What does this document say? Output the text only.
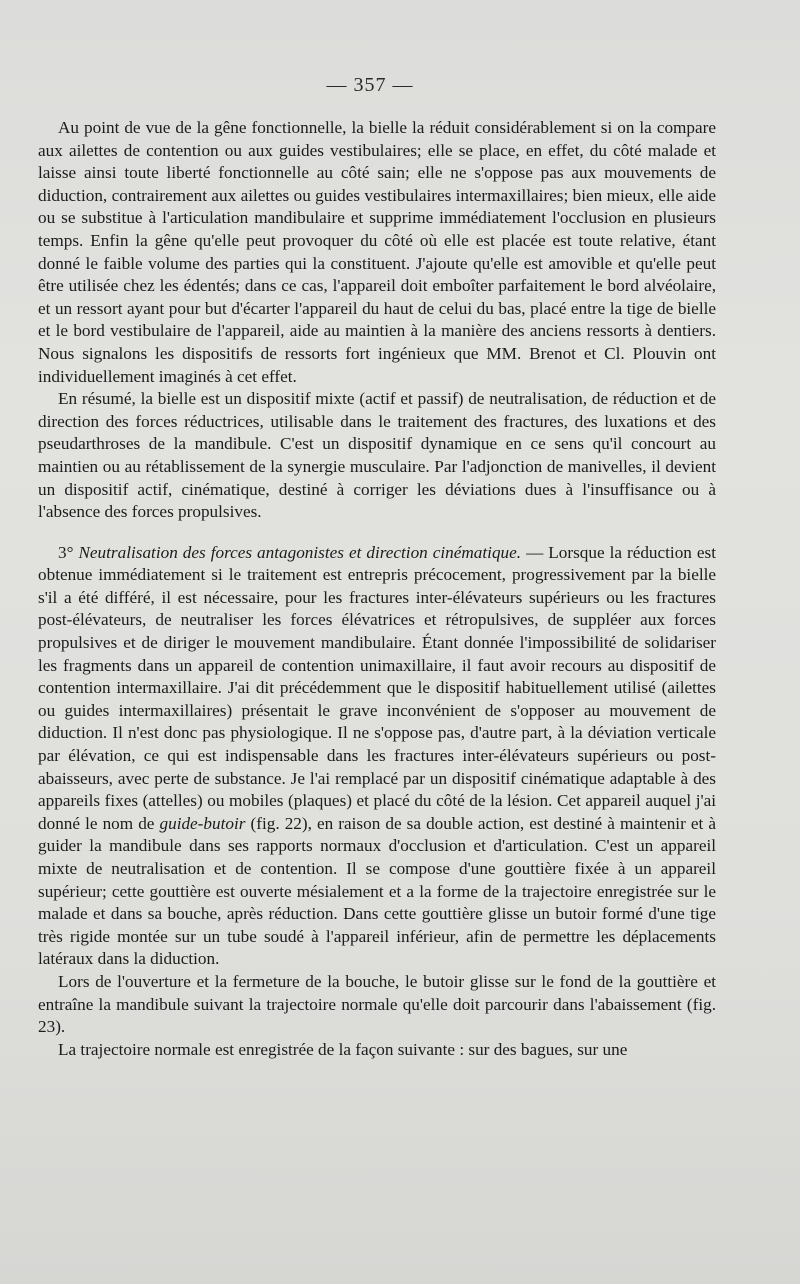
— 357 —

Au point de vue de la gêne fonctionnelle, la bielle la réduit considérablement si on la compare aux ailettes de contention ou aux guides vestibulaires; elle se place, en effet, du côté malade et laisse ainsi toute liberté fonctionnelle au côté sain; elle ne s'oppose pas aux mouvements de diduction, contrairement aux ailettes ou guides vestibulaires intermaxillaires; bien mieux, elle aide ou se substitue à l'articulation mandibulaire et supprime immédiatement l'occlusion en plusieurs temps. Enfin la gêne qu'elle peut provoquer du côté où elle est placée est toute relative, étant donné le faible volume des parties qui la constituent. J'ajoute qu'elle est amovible et qu'elle peut être utilisée chez les édentés; dans ce cas, l'appareil doit emboîter parfaitement le bord alvéolaire, et un ressort ayant pour but d'écarter l'appareil du haut de celui du bas, placé entre la tige de bielle et le bord vestibulaire de l'appareil, aide au maintien à la manière des anciens ressorts à dentiers. Nous signalons les dispositifs de ressorts fort ingénieux que MM. Brenot et Cl. Plouvin ont individuellement imaginés à cet effet.

En résumé, la bielle est un dispositif mixte (actif et passif) de neutralisation, de réduction et de direction des forces réductrices, utilisable dans le traitement des fractures, des luxations et des pseudarthroses de la mandibule. C'est un dispositif dynamique en ce sens qu'il concourt au maintien ou au rétablissement de la synergie musculaire. Par l'adjonction de manivelles, il devient un dispositif actif, cinématique, destiné à corriger les déviations dues à l'insuffisance ou à l'absence des forces propulsives.

3° Neutralisation des forces antagonistes et direction cinématique. — Lorsque la réduction est obtenue immédiatement si le traitement est entrepris précocement, progressivement par la bielle s'il a été différé, il est nécessaire, pour les fractures inter-élévateurs supérieurs ou les fractures post-élévateurs, de neutraliser les forces élévatrices et rétropulsives, de suppléer aux forces propulsives et de diriger le mouvement mandibulaire. Étant donnée l'impossibilité de solidariser les fragments dans un appareil de contention unimaxillaire, il faut avoir recours au dispositif de contention intermaxillaire. J'ai dit précédemment que le dispositif habituellement utilisé (ailettes ou guides intermaxillaires) présentait le grave inconvénient de s'opposer au mouvement de diduction. Il n'est donc pas physiologique. Il ne s'oppose pas, d'autre part, à la déviation verticale par élévation, ce qui est indispensable dans les fractures inter-élévateurs supérieurs ou post-abaisseurs, avec perte de substance. Je l'ai remplacé par un dispositif cinématique adaptable à des appareils fixes (attelles) ou mobiles (plaques) et placé du côté de la lésion. Cet appareil auquel j'ai donné le nom de guide-butoir (fig. 22), en raison de sa double action, est destiné à maintenir et à guider la mandibule dans ses rapports normaux d'occlusion et d'articulation. C'est un appareil mixte de neutralisation et de contention. Il se compose d'une gouttière fixée à un appareil supérieur; cette gouttière est ouverte mésialement et a la forme de la trajectoire enregistrée sur le malade et dans sa bouche, après réduction. Dans cette gouttière glisse un butoir formé d'une tige très rigide montée sur un tube soudé à l'appareil inférieur, afin de permettre les déplacements latéraux dans la diduction.

Lors de l'ouverture et la fermeture de la bouche, le butoir glisse sur le fond de la gouttière et entraîne la mandibule suivant la trajectoire normale qu'elle doit parcourir dans l'abaissement (fig. 23).

La trajectoire normale est enregistrée de la façon suivante : sur des bagues, sur une
